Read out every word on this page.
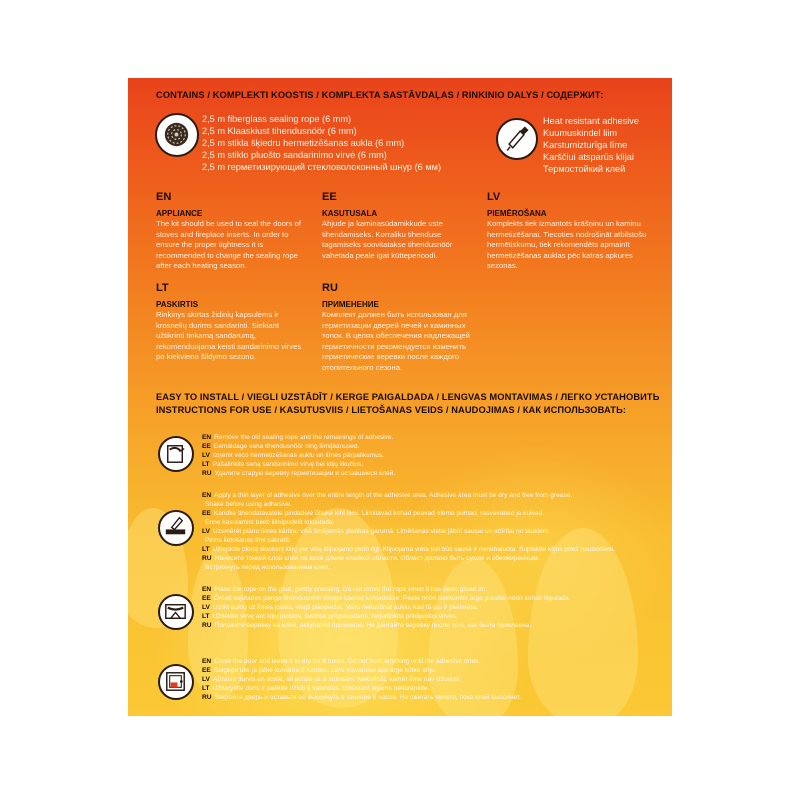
CONTAINS / KOMPLEKTI KOOSTIS / KOMPLEKTA SASTĀVDAĻAS / RINKINIO DALYS / СОДЕРЖИТ:
2,5 m fiberglass sealing rope (6 mm)
2,5 m Klaaskiust tihendusnöör (6 mm)
2,5 m stikla šķiedru hermetizēšanas aukla (6 mm)
2,5 m stiklo pluošto sandarinimo virvė (6 mm)
2,5 m герметизирующий стекловолоконный шнур (6 мм)
Heat resistant adhesive
Kuumuskindel liim
Karstumizturīga līme
Karščiui atsparūs klijai
Термостойкий клей
EN
APPLIANCE
The kit should be used to seal the doors of stoves and fireplace inserts. In order to ensure the proper tightness it is recommended to change the sealing rope after each heating season.
EE
KASUTUSALA
Ahjude ja kaminasüdamikkude uste tihendamiseks. Korraliku tihenduse tagamiseks soovitatakse tihendusnöör vahetada peale igat kütteperioodi.
LV
PIEMĒROŠANA
Komplekts tiek izmantots krāšņinu un kaminu hermetizēšanai. Tiecoties nodrošināt atbilstošu hermētiskumu, tiek rekomendēts apmainīt hermetizēšanas auklas pēc katras apkures sezonas.
LT
PASKIRTIS
Rinkinys skirtas židinių kapsulėms ir krosnelių durims sandarinti. Siekiant užtikrinti tinkamą sandarumą, rekomenduojama keisti sandarinimo virves po kiekvieno šildymo sezono.
RU
ПРИМЕНЕНИЕ
Комплект должен быть использован для герметизации дверей печей и каминных топок. В целях обеспечения надлежащей герметичности рекомендуется изменить герметические веревки после каждого отопительного сезона.
EASY TO INSTALL / VIEGLI UZSTĀDĪT / KERGE PAIGALDADA / LENGVAS MONTAVIMAS / ЛЕГКО УСТАНОВИТЬ
INSTRUCTIONS FOR USE / KASUTUSVIIS / LIETOŠANAS VEIDS / NAUDOJIMAS / КАК ИСПОЛЬЗОВАТЬ:
EN Remove the old sealing rope and the remainings of adhesive.
EE Eemaldage vana tihendusnöör ning liimijäänused.
LV Izņemt veco hermetizēšanas auklu un līmes pārpalikumus.
LT Pašalinkite seną sandarinimo virvę bei klijų likučius.
RU Удалите старую веревку герметизации и оставшиеся клей.
EN Apply a thin layer of adhesive over the entire length of the adhesive area. Adhesive area must be dry and free from grease.
Shake before using adhesive.
EE Kandke tihendatavatele pindadele õhuke kiht liimi. Liimitavad kohad peavad olema puhtad, rasvavabad ja kuivad.
Enne kasutamist tuleb liimipudelit loksutada.
LV Uzsmērēt plānu līmes kārtiņu visā līmējamās platības garumā. Līmēšanas vietai jābūt sausai un attīrītai no taukiem.
Pirms lietošanas līmi sakratīt.
LT Užtepkite ploną sluoksnį klijų per visą klijuojamo ploto ilgį. Klijuojama vieta turi būti sausa ir neriebaluota. Suplakite klijus prieš naudodami.
RU Нанесите тонкий слой клея по всей длине клейкой области. Област должно быть сухим и обезжиренным.
Встряхнуть перед использованием клея.
EN Place the rope on the glue, gently pressing. Do not move the rope when it has been glued on.
EE Õmalt vajutades pange tihendusnöör liimiga kaetud kohtadesse. Peale nööri nakkumist ärge puudke nööri kohalt liigutada.
LV Uzlikt auklu uz līmes joslas, viegli piespiežot. Vairs nekustināt auklu, kad tā jau ir pielīmēta.
LT Uždėkite virvę ant klijų juostos, švelniai prispausdami. Nejudinkite priklijuotos virvės.
RU Положите веревку на клей, аккуратно прижимая. Не двигайте веревку после того, как была приклеена.
EN Close the door and leave it to dry for 8 hours. Do not burn anything until the adhesive dries.
EE Sulgege uks ja jätke kuivama 8 tunniks. Liimi kuivamise ajal ärge kütke ahju.
LV Aiztaisīt durvis un atstāt, lai atžūst uz 8 stundām. Nekurināt, kamēr līme nav izžuvusi.
LT Uždarykite duris ir palikite džiūti 8 valandas. Džiūstant klijams nekūrenkite.
RU Закройте дверь и оставьте ее высохнуть в течение 8 часов. Не сжигать ничего, пока клей высохнет.
